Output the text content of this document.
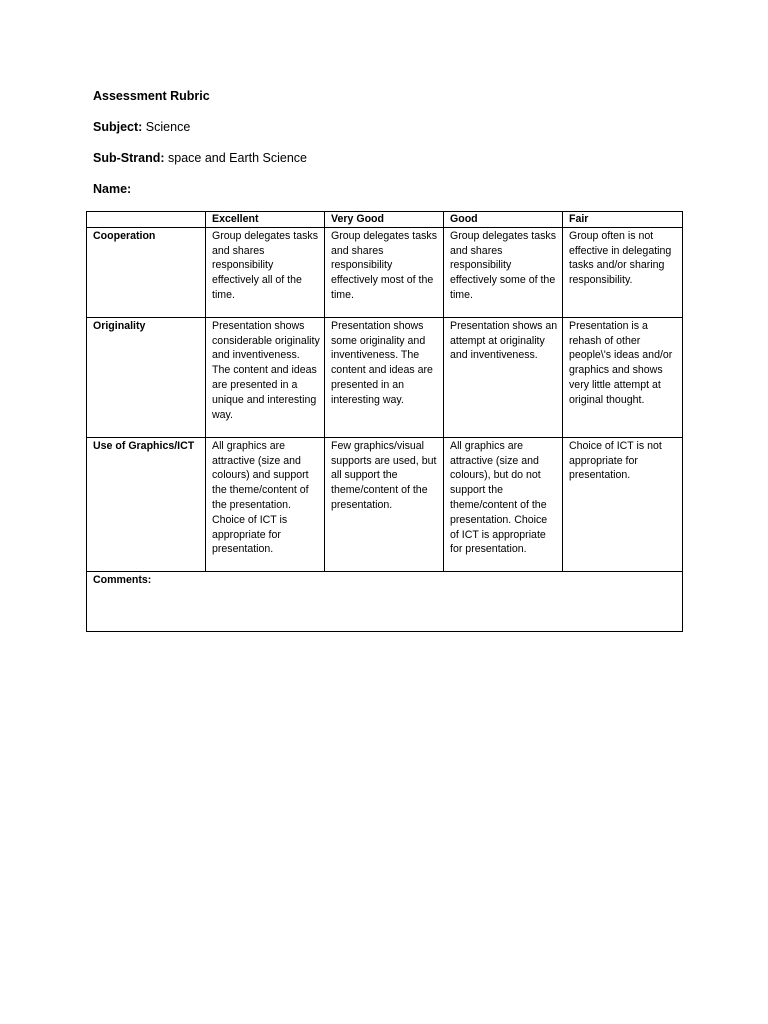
Assessment Rubric
Subject: Science
Sub-Strand: space and Earth Science
Name:
	Excellent	Very Good	Good	Fair
Cooperation	Group delegates tasks and shares responsibility effectively all of the time.	Group delegates tasks and shares responsibility effectively most of the time.	Group delegates tasks and shares responsibility effectively some of the time.	Group often is not effective in delegating tasks and/or sharing responsibility.
Originality	Presentation shows considerable originality and inventiveness. The content and ideas are presented in a unique and interesting way.	Presentation shows some originality and inventiveness. The content and ideas are presented in an interesting way.	Presentation shows an attempt at originality and inventiveness.	Presentation is a rehash of other people\'s ideas and/or graphics and shows very little attempt at original thought.
Use of Graphics/ICT	All graphics are attractive (size and colours) and support the theme/content of the presentation. Choice of ICT is appropriate for presentation.	Few graphics/visual supports are used, but all support the theme/content of the presentation.	All graphics are attractive (size and colours), but do not support the theme/content of the presentation. Choice of ICT is appropriate for presentation.	Choice of ICT is not appropriate for presentation.
Comments:				
